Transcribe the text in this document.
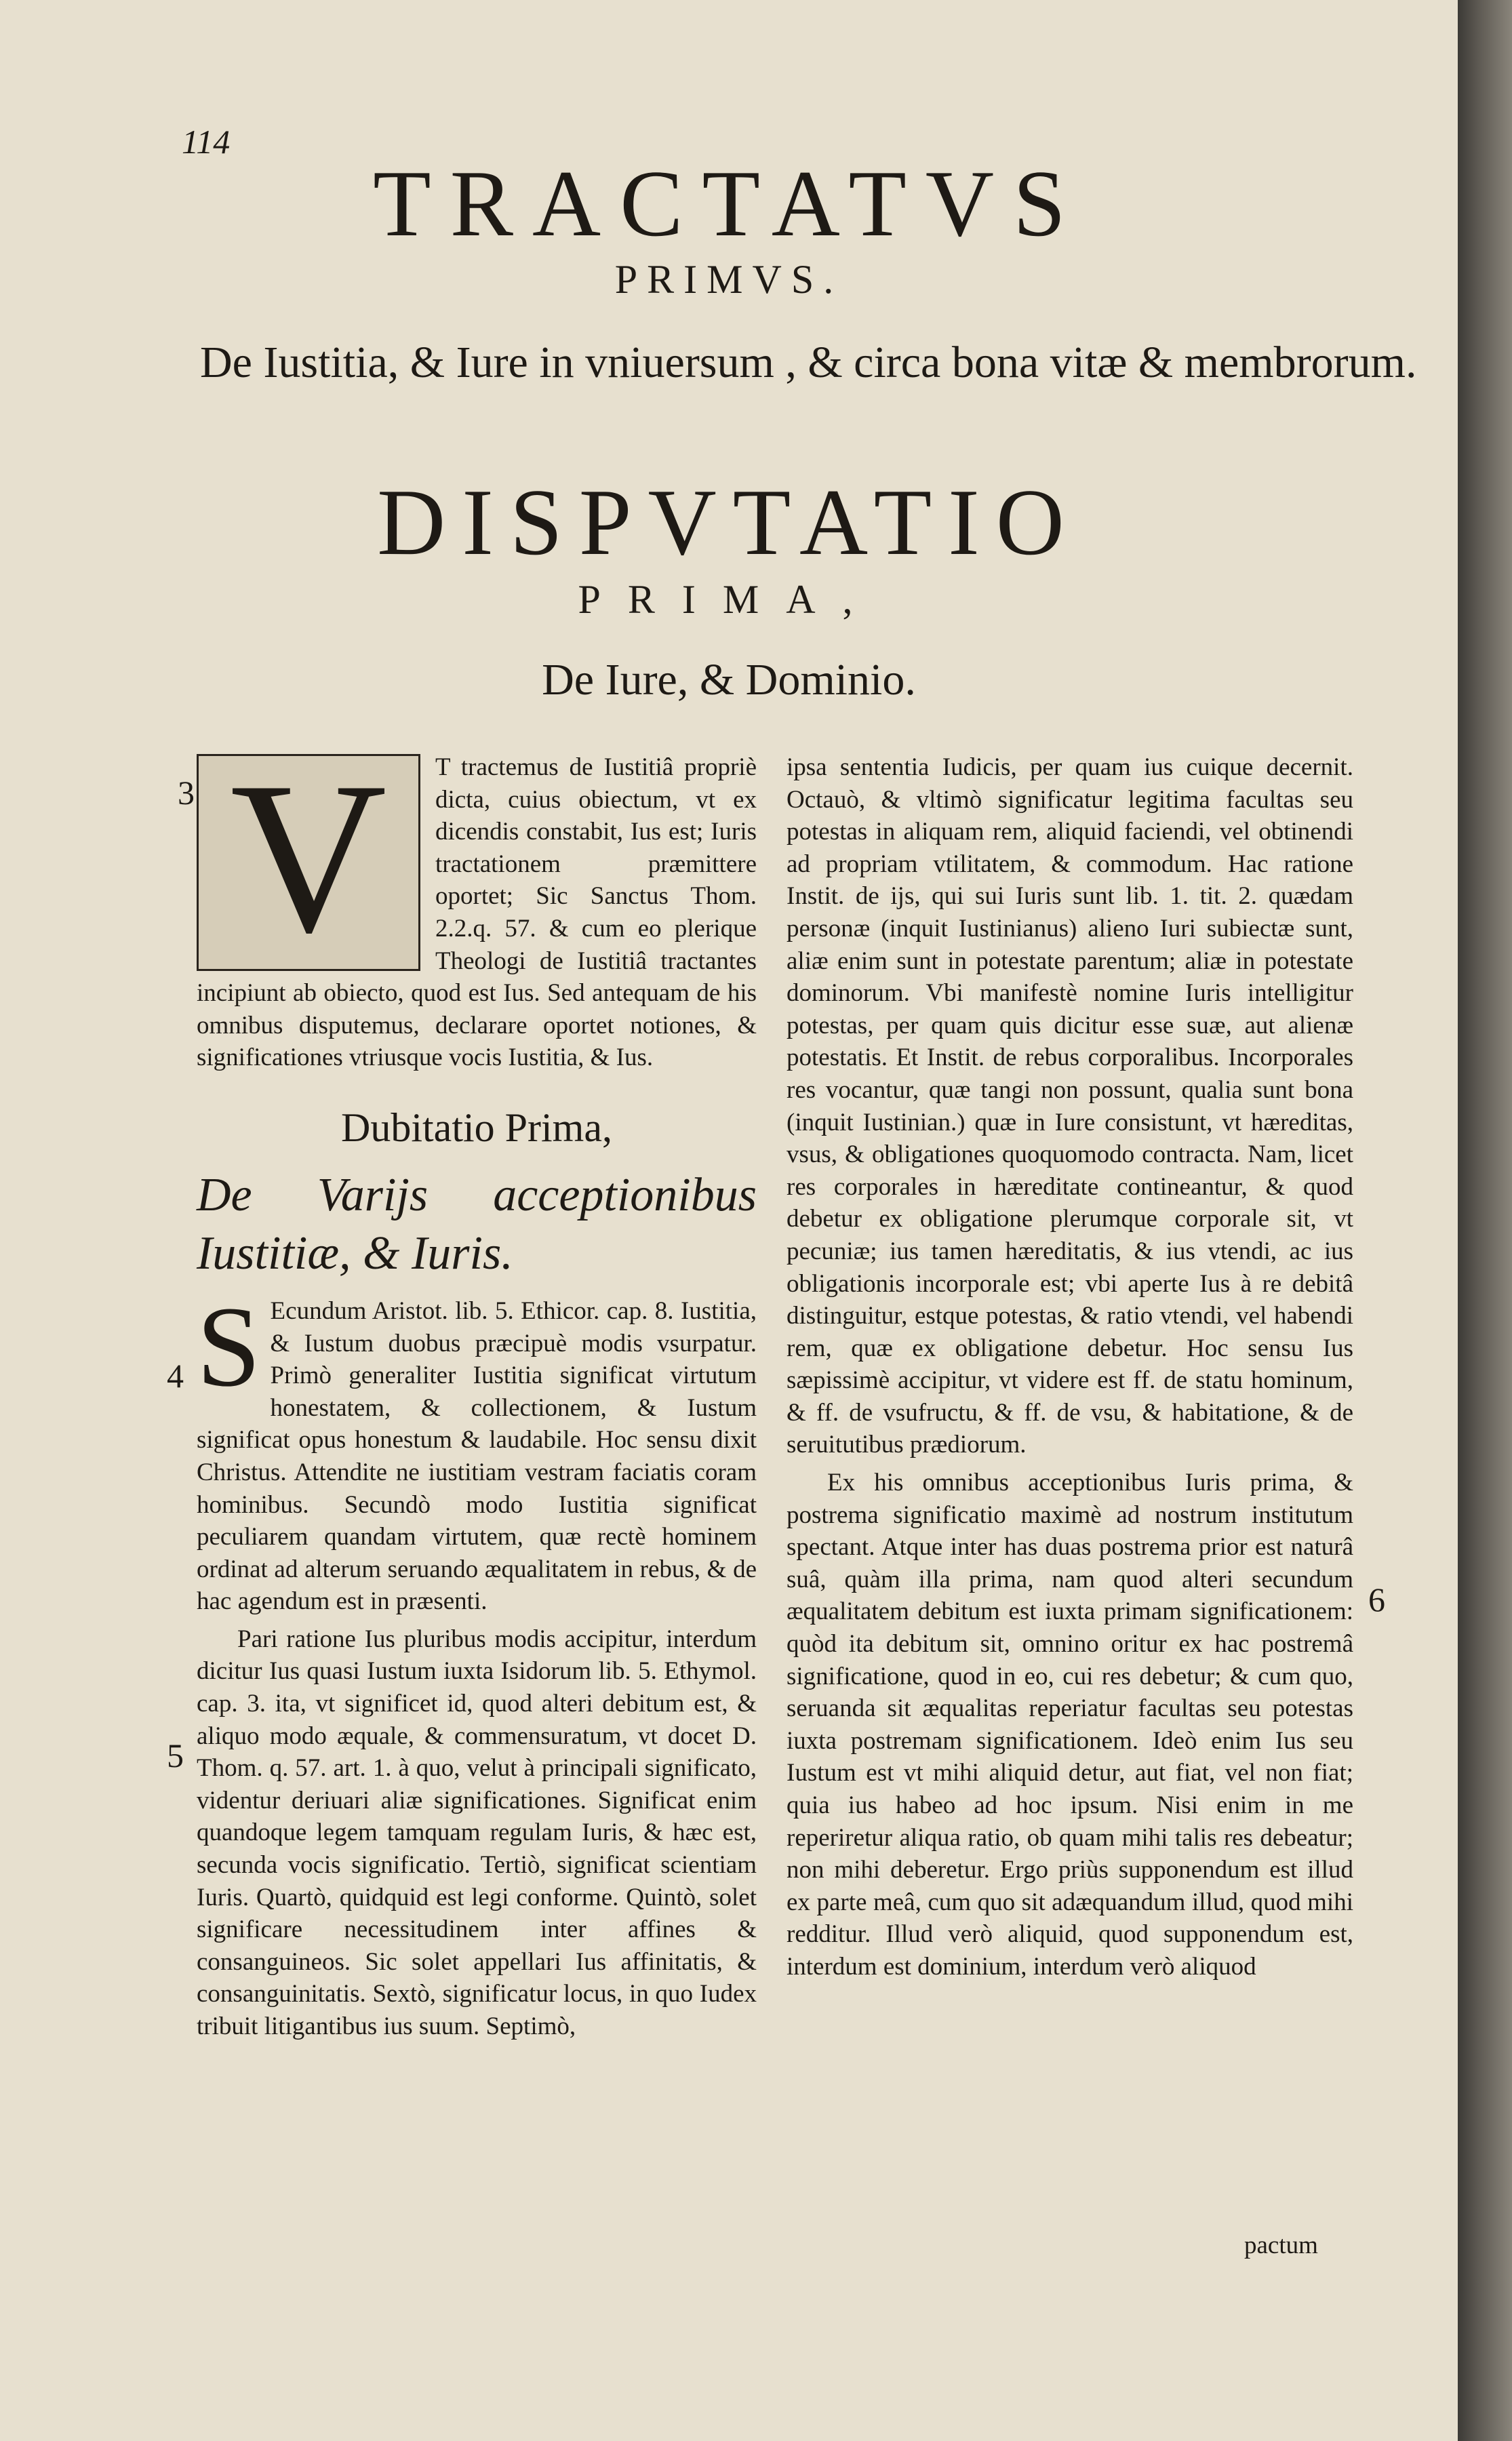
114
TRACTATVS
PRIMVS.
De Iustitia, & Iure in vniuersum , & circa bona vitæ & membrorum.
DISPVTATIO
PRIMA,
De Iure, & Dominio.
3
4
5
6
V	T tractemus de Iustitiâ propriè dicta, cuius obiectum, vt ex dicendis constabit, Ius est; Iuris tractationem præmittere oportet; Sic Sanctus Thom. 2.2.q. 57. & cum eo plerique Theologi de Iustitiâ tractantes incipiunt ab obiecto, quod est Ius. Sed antequam de his omnibus disputemus, declarare oportet notiones, & significationes vtriusque vocis Iustitia, & Ius.

Dubitatio Prima,
De Varijs acceptionibus Iustitiæ, & Iuris.
S Ecundum Aristot. lib. 5. Ethicor. cap. 8. Iustitia, & Iustum duobus præcipuè modis vsurpatur. Primò generaliter Iustitia significat virtutum honestatem, & collectionem, & Iustum significat opus honestum & laudabile. Hoc sensu dixit Christus. Attendite ne iustitiam vestram faciatis coram hominibus. Secundò modo Iustitia significat peculiarem quandam virtutem, quæ rectè hominem ordinat ad alterum seruando æqualitatem in rebus, & de hac agendum est in præsenti.

Pari ratione Ius pluribus modis accipitur, interdum dicitur Ius quasi Iustum iuxta Isidorum lib. 5. Ethymol. cap. 3. ita, vt significet id, quod alteri debitum est, & aliquo modo æquale, & commensuratum, vt docet D. Thom. q. 57. art. 1. à quo, velut à principali significato, videntur deriuari aliæ significationes. Significat enim quandoque legem tamquam regulam Iuris, & hæc est, secunda vocis significatio. Tertiò, significat scientiam Iuris. Quartò, quidquid est legi conforme. Quintò, solet significare necessitudinem inter affines & consanguineos. Sic solet appellari Ius affinitatis, & consanguinitatis. Sextò, significatur locus, in quo Iudex tribuit litigantibus ius suum. Septimò,

ipsa sententia Iudicis, per quam ius cuique decernit. Octauò, & vltimò significatur legitima facultas seu potestas in aliquam rem, aliquid faciendi, vel obtinendi ad propriam vtilitatem, & commodum. Hac ratione Instit. de ijs, qui sui Iuris sunt lib. 1. tit. 2. quædam personæ (inquit Iustinianus) alieno Iuri subiectæ sunt, aliæ enim sunt in potestate parentum; aliæ in potestate dominorum. Vbi manifestè nomine Iuris intelligitur potestas, per quam quis dicitur esse suæ, aut alienæ potestatis. Et Instit. de rebus corporalibus. Incorporales res vocantur, quæ tangi non possunt, qualia sunt bona (inquit Iustinian.) quæ in Iure consistunt, vt hæreditas, vsus, & obligationes quoquomodo contracta. Nam, licet res corporales in hæreditate contineantur, & quod debetur ex obligatione plerumque corporale sit, vt pecuniæ; ius tamen hæreditatis, & ius vtendi, ac ius obligationis incorporale est; vbi aperte Ius à re debitâ distinguitur, estque potestas, & ratio vtendi, vel habendi rem, quæ ex obligatione debetur. Hoc sensu Ius sæpissimè accipitur, vt videre est ff. de statu hominum, & ff. de vsufructu, & ff. de vsu, & habitatione, & de seruitutibus prædiorum.

Ex his omnibus acceptionibus Iuris prima, & postrema significatio maximè ad nostrum institutum spectant. Atque inter has duas postrema prior est naturâ suâ, quàm illa prima, nam quod alteri secundum æqualitatem debitum est iuxta primam significationem: quòd ita debitum sit, omnino oritur ex hac postremâ significatione, quod in eo, cui res debetur; & cum quo, seruanda sit æqualitas reperiatur facultas seu potestas iuxta postremam significationem. Ideò enim Ius seu Iustum est vt mihi aliquid detur, aut fiat, vel non fiat; quia ius habeo ad hoc ipsum. Nisi enim in me reperiretur aliqua ratio, ob quam mihi talis res debeatur; non mihi deberetur. Ergo priùs supponendum est illud ex parte meâ, cum quo sit adæquandum illud, quod mihi redditur. Illud verò aliquid, quod supponendum est, interdum est dominium, interdum verò aliquod

pactum
